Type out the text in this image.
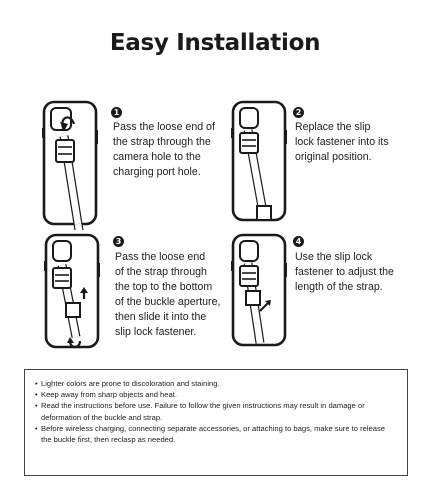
Easy Installation
1
Pass the loose end of
the strap through the
camera hole to the
charging port hole.
2
Replace the slip
lock fastener into its
original position.
3
Pass the loose end
of the strap through
the top to the bottom
of the buckle aperture,
then slide it into the
slip lock fastener.
4
Use the slip lock
fastener to adjust the
length of the strap.
• Lighter colors are prone to discoloration and staining.
• Keep away from sharp objects and heat.
• Read the instructions before use. Failure to follow the given instructions may result in damage or deformation of the buckle and strap.
• Before wireless charging, connecting separate accessories, or attaching to bags, make sure to release the buckle first, then reclasp as needed.
